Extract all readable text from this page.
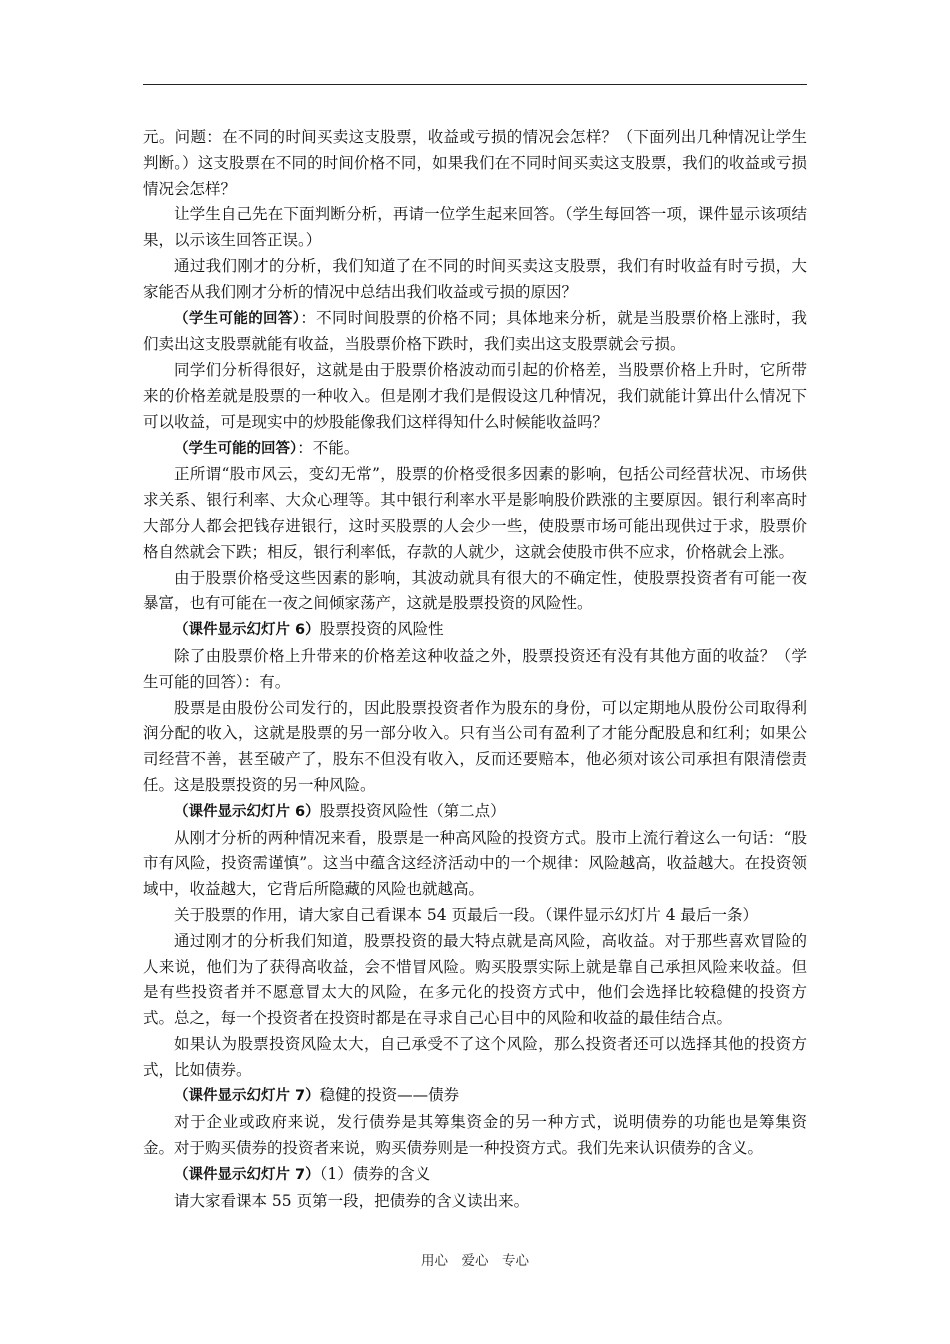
元。问题：在不同的时间买卖这支股票，收益或亏损的情况会怎样？（下面列出几种情况让学生判断。）这支股票在不同的时间价格不同，如果我们在不同时间买卖这支股票，我们的收益或亏损情况会怎样？

让学生自己先在下面判断分析，再请一位学生起来回答。（学生每回答一项，课件显示该项结果，以示该生回答正误。）

通过我们刚才的分析，我们知道了在不同的时间买卖这支股票，我们有时收益有时亏损，大家能否从我们刚才分析的情况中总结出我们收益或亏损的原因？

（学生可能的回答）：不同时间股票的价格不同；具体地来分析，就是当股票价格上涨时，我们卖出这支股票就能有收益，当股票价格下跌时，我们卖出这支股票就会亏损。

同学们分析得很好，这就是由于股票价格波动而引起的价格差，当股票价格上升时，它所带来的价格差就是股票的一种收入。但是刚才我们是假设这几种情况，我们就能计算出什么情况下可以收益，可是现实中的炒股能像我们这样得知什么时候能收益吗？

（学生可能的回答）：不能。

正所谓“股市风云，变幻无常”，股票的价格受很多因素的影响，包括公司经营状况、市场供求关系、银行利率、大众心理等。其中银行利率水平是影响股价跌涨的主要原因。银行利率高时大部分人都会把钱存进银行，这时买股票的人会少一些，使股票市场可能出现供过于求，股票价格自然就会下跌；相反，银行利率低，存款的人就少，这就会使股市供不应求，价格就会上涨。

由于股票价格受这些因素的影响，其波动就具有很大的不确定性，使股票投资者有可能一夜暴富，也有可能在一夜之间倾家荡产，这就是股票投资的风险性。

（课件显示幻灯片 6）股票投资的风险性

除了由股票价格上升带来的价格差这种收益之外，股票投资还有没有其他方面的收益？（学生可能的回答）：有。

股票是由股份公司发行的，因此股票投资者作为股东的身份，可以定期地从股份公司取得利润分配的收入，这就是股票的另一部分收入。只有当公司有盈利了才能分配股息和红利；如果公司经营不善，甚至破产了，股东不但没有收入，反而还要赔本，他必须对该公司承担有限清偿责任。这是股票投资的另一种风险。

（课件显示幻灯片 6）股票投资风险性（第二点）

从刚才分析的两种情况来看，股票是一种高风险的投资方式。股市上流行着这么一句话：“股市有风险，投资需谨慎”。这当中蕴含这经济活动中的一个规律：风险越高，收益越大。在投资领域中，收益越大，它背后所隐藏的风险也就越高。

关于股票的作用，请大家自己看课本 54 页最后一段。（课件显示幻灯片 4 最后一条）

通过刚才的分析我们知道，股票投资的最大特点就是高风险，高收益。对于那些喜欢冒险的人来说，他们为了获得高收益，会不惜冒风险。购买股票实际上就是靠自己承担风险来收益。但是有些投资者并不愿意冒太大的风险，在多元化的投资方式中，他们会选择比较稳健的投资方式。总之，每一个投资者在投资时都是在寻求自己心目中的风险和收益的最佳结合点。

如果认为股票投资风险太大，自己承受不了这个风险，那么投资者还可以选择其他的投资方式，比如债券。

（课件显示幻灯片 7）稳健的投资——债券

对于企业或政府来说，发行债券是其筹集资金的另一种方式，说明债券的功能也是筹集资金。对于购买债券的投资者来说，购买债券则是一种投资方式。我们先来认识债券的含义。

（课件显示幻灯片 7）（1）债券的含义

请大家看课本 55 页第一段，把债券的含义读出来。

用心　爱心　专心
